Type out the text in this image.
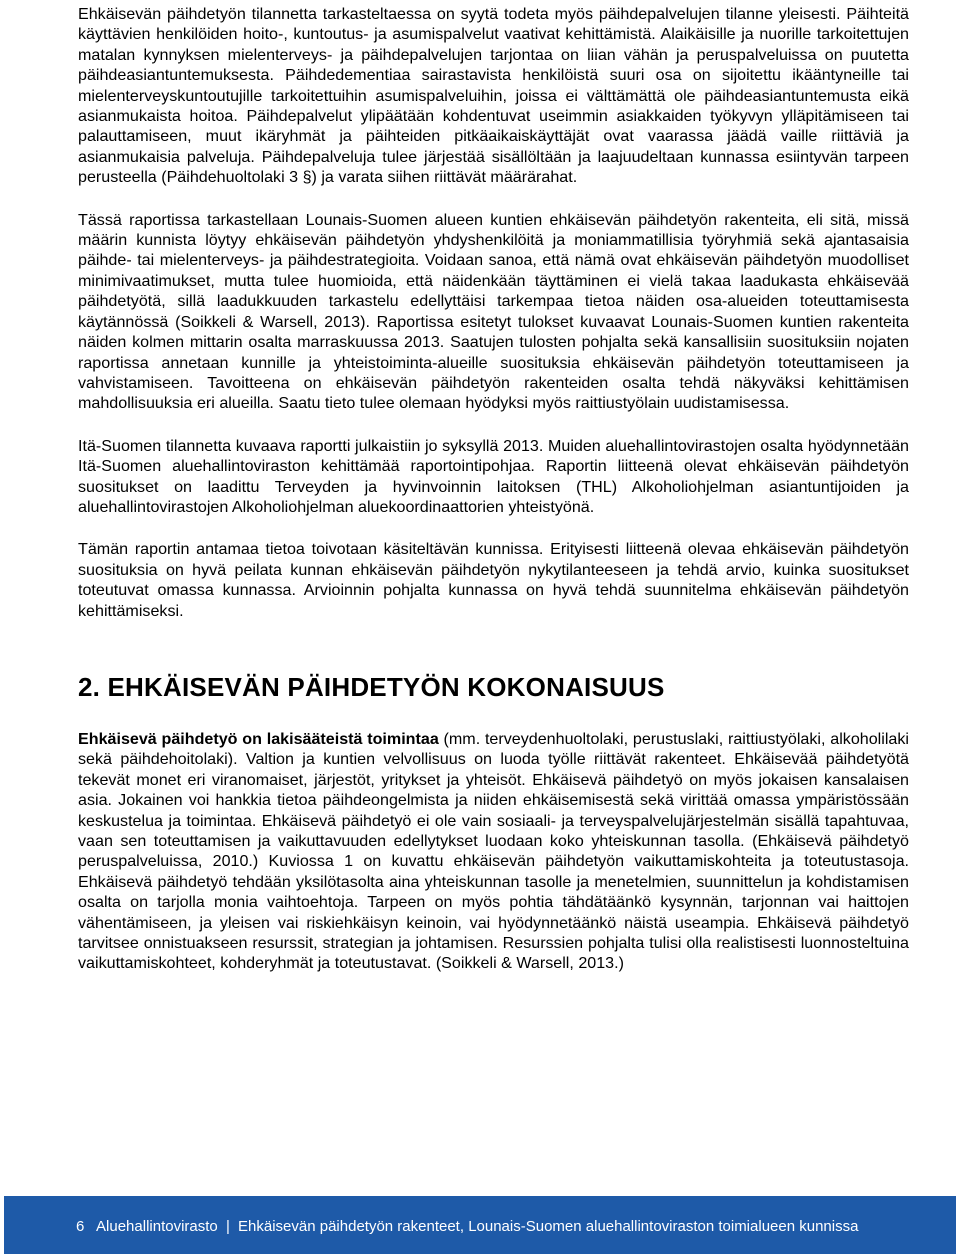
Ehkäisevän päihdetyön tilannetta tarkasteltaessa on syytä todeta myös päihdepalvelujen tilanne yleisesti. Päihteitä käyttävien henkilöiden hoito-, kuntoutus- ja asumispalvelut vaativat kehittämistä. Alaikäisille ja nuorille tarkoitettujen matalan kynnyksen mielenterveys- ja päihdepalvelujen tarjontaa on liian vähän ja peruspalveluissa on puutetta päihdeasiantuntemuksesta. Päihdedementiaa sairastavista henkilöistä suuri osa on sijoitettu ikääntyneille tai mielenterveyskuntoutujille tarkoitettuihin asumispalveluihin, joissa ei välttämättä ole päihdeasiantuntemusta eikä asianmukaista hoitoa. Päihdepalvelut ylipäätään kohdentuvat useimmin asiakkaiden työkyvyn ylläpitämiseen tai palauttamiseen, muut ikäryhmät ja päihteiden pitkäaikaiskäyttäjät ovat vaarassa jäädä vaille riittäviä ja asianmukaisia palveluja. Päihdepalveluja tulee järjestää sisällöltään ja laajuudeltaan kunnassa esiintyvän tarpeen perusteella (Päihdehuoltolaki 3 §) ja varata siihen riittävät määrärahat.

Tässä raportissa tarkastellaan Lounais-Suomen alueen kuntien ehkäisevän päihdetyön rakenteita, eli sitä, missä määrin kunnista löytyy ehkäisevän päihdetyön yhdyshenkilöitä ja moniammatillisia työryhmiä sekä ajantasaisia päihde- tai mielenterveys- ja päihdestrategioita. Voidaan sanoa, että nämä ovat ehkäisevän päihdetyön muodolliset minimivaatimukset, mutta tulee huomioida, että näidenkään täyttäminen ei vielä takaa laadukasta ehkäisevää päihdetyötä, sillä laadukkuuden tarkastelu edellyttäisi tarkempaa tietoa näiden osa-alueiden toteuttamisesta käytännössä (Soikkeli & Warsell, 2013). Raportissa esitetyt tulokset kuvaavat Lounais-Suomen kuntien rakenteita näiden kolmen mittarin osalta marraskuussa 2013. Saatujen tulosten pohjalta sekä kansallisiin suosituksiin nojaten raportissa annetaan kunnille ja yhteistoiminta-alueille suosituksia ehkäisevän päihdetyön toteuttamiseen ja vahvistamiseen. Tavoitteena on ehkäisevän päihdetyön rakenteiden osalta tehdä näkyväksi kehittämisen mahdollisuuksia eri alueilla. Saatu tieto tulee olemaan hyödyksi myös raittiustyölain uudistamisessa.

Itä-Suomen tilannetta kuvaava raportti julkaistiin jo syksyllä 2013. Muiden aluehallintovirastojen osalta hyödynnetään Itä-Suomen aluehallintoviraston kehittämää raportointipohjaa. Raportin liitteenä olevat ehkäisevän päihdetyön suositukset on laadittu Terveyden ja hyvinvoinnin laitoksen (THL) Alkoholiohjelman asiantuntijoiden ja aluehallintovirastojen Alkoholiohjelman aluekoordinaattorien yhteistyönä.

Tämän raportin antamaa tietoa toivotaan käsiteltävän kunnissa. Erityisesti liitteenä olevaa ehkäisevän päihdetyön suosituksia on hyvä peilata kunnan ehkäisevän päihdetyön nykytilanteeseen ja tehdä arvio, kuinka suositukset toteutuvat omassa kunnassa. Arvioinnin pohjalta kunnassa on hyvä tehdä suunnitelma ehkäisevän päihdetyön kehittämiseksi.

2. EHKÄISEVÄN PÄIHDETYÖN KOKONAISUUS

Ehkäisevä päihdetyö on lakisääteistä toimintaa (mm. terveydenhuoltolaki, perustuslaki, raittiustyölaki, alkoholilaki sekä päihdehoitolaki). Valtion ja kuntien velvollisuus on luoda työlle riittävät rakenteet. Ehkäisevää päihdetyötä tekevät monet eri viranomaiset, järjestöt, yritykset ja yhteisöt. Ehkäisevä päihdetyö on myös jokaisen kansalaisen asia. Jokainen voi hankkia tietoa päihdeongelmista ja niiden ehkäisemisestä sekä virittää omassa ympäristössään keskustelua ja toimintaa. Ehkäisevä päihdetyö ei ole vain sosiaali- ja terveyspalvelujärjestelmän sisällä tapahtuvaa, vaan sen toteuttamisen ja vaikuttavuuden edellytykset luodaan koko yhteiskunnan tasolla. (Ehkäisevä päihdetyö peruspalveluissa, 2010.) Kuviossa 1 on kuvattu ehkäisevän päihdetyön vaikuttamiskohteita ja toteutustasoja. Ehkäisevä päihdetyö tehdään yksilötasolta aina yhteiskunnan tasolle ja menetelmien, suunnittelun ja kohdistamisen osalta on tarjolla monia vaihtoehtoja. Tarpeen on myös pohtia tähdätäänkö kysynnän, tarjonnan vai haittojen vähentämiseen, ja yleisen vai riskiehkäisyn keinoin, vai hyödynnetäänkö näistä useampia. Ehkäisevä päihdetyö tarvitsee onnistuakseen resurssit, strategian ja johtamisen. Resurssien pohjalta tulisi olla realistisesti luonnosteltuina vaikuttamiskohteet, kohderyhmät ja toteutustavat. (Soikkeli & Warsell, 2013.)

6 Aluehallintovirasto | Ehkäisevän päihdetyön rakenteet, Lounais-Suomen aluehallintoviraston toimialueen kunnissa
